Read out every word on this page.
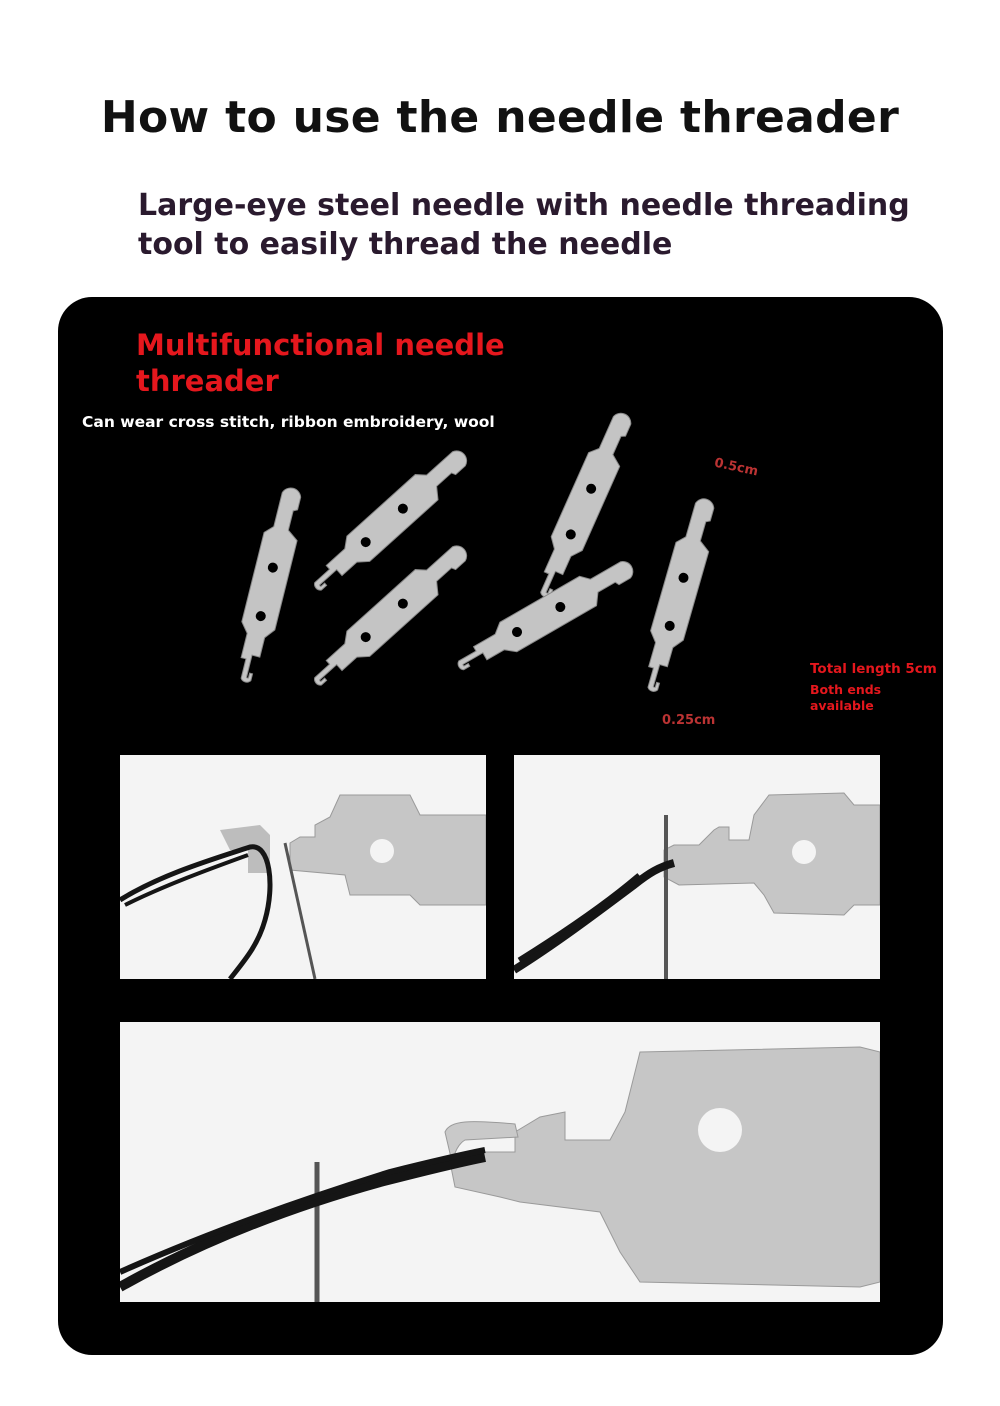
How to use the needle threader
Large-eye steel needle with needle threading tool to easily thread the needle
Multifunctional needle threader
Can wear cross stitch, ribbon embroidery, wool
0.5cm
0.25cm
Total length 5cm
Both ends available
